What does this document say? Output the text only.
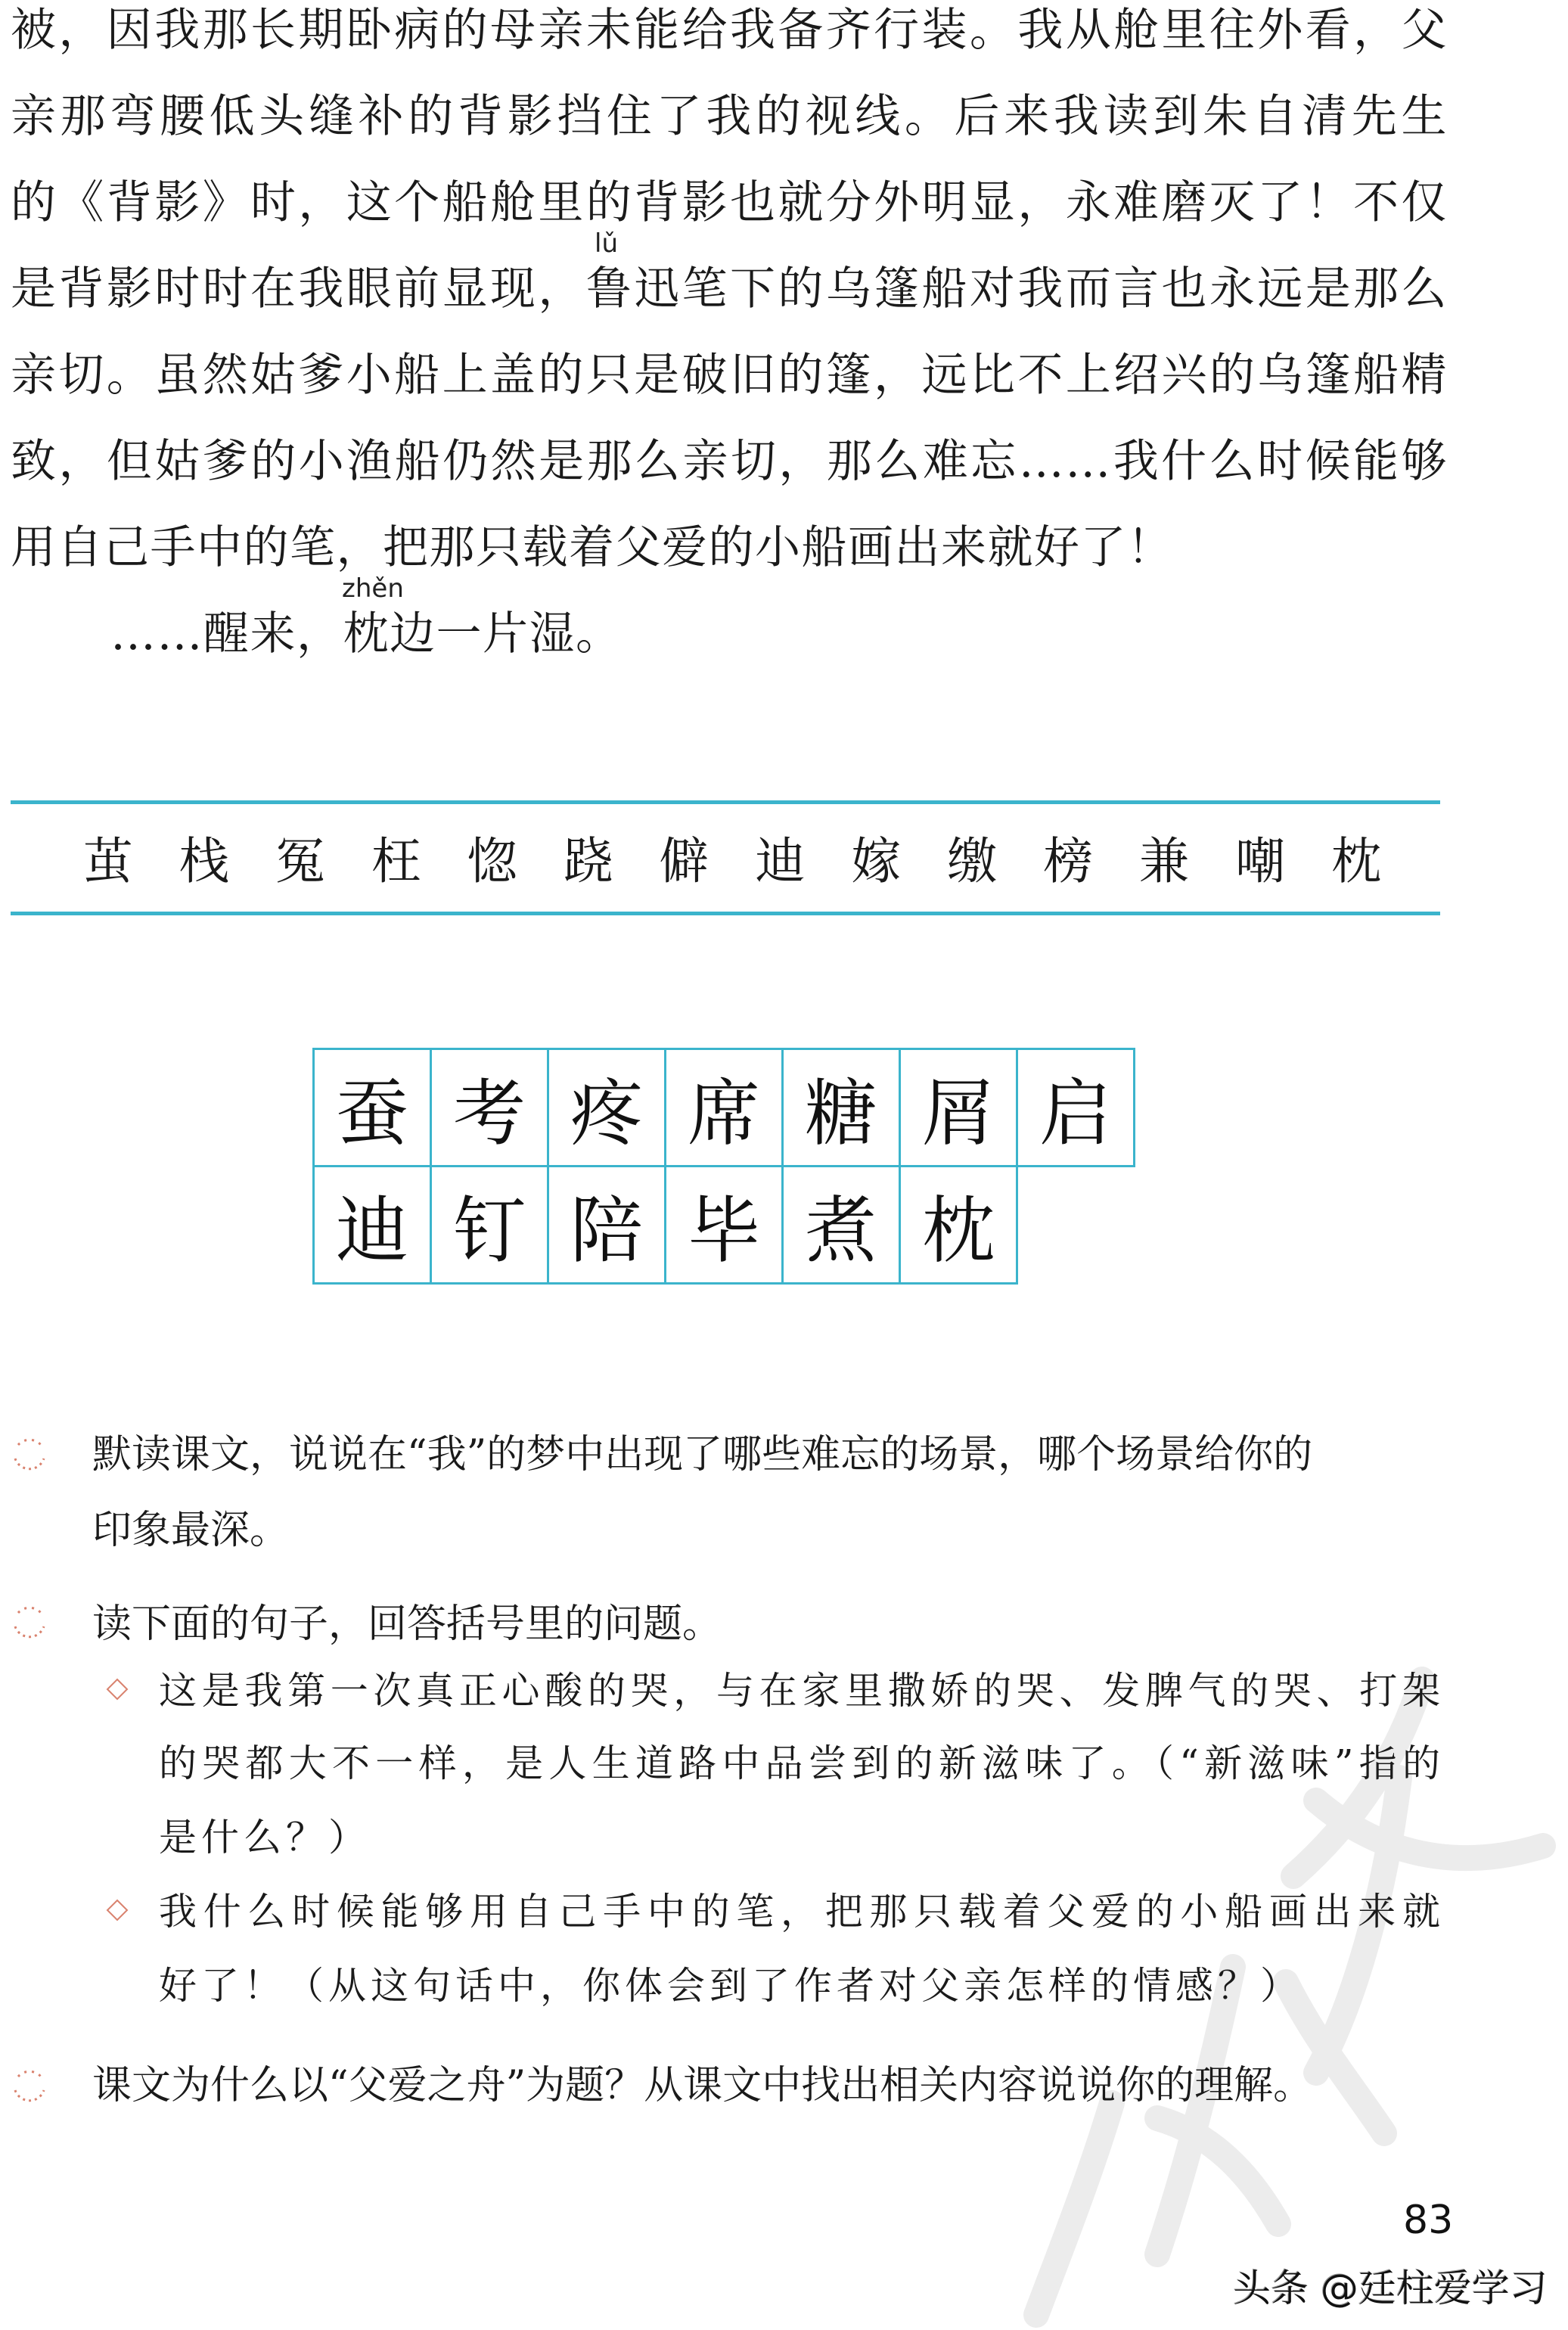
被，因我那长期卧病的母亲未能给我备齐行装。我从舱里往外看，父
亲那弯腰低头缝补的背影挡住了我的视线。后来我读到朱自清先生
的《背影》时，这个船舱里的背影也就分外明显，永难磨灭了！不仅
lǔ
是背影时时在我眼前显现，鲁迅笔下的乌篷船对我而言也永远是那么
亲切。虽然姑爹小船上盖的只是破旧的篷，远比不上绍兴的乌篷船精
致，但姑爹的小渔船仍然是那么亲切，那么难忘……我什么时候能够
用自己手中的笔，把那只载着父爱的小船画出来就好了！
zhěn
……醒来，枕边一片湿。
茧 栈 冤 枉 惚 跷 僻 迪 嫁 缴 榜 兼 嘲 枕
蚕 考 疼 席 糖 屑 启
迪 钉 陪 毕 煮 枕
默读课文，说说在“我”的梦中出现了哪些难忘的场景，哪个场景给你的
印象最深。
读下面的句子，回答括号里的问题。
这是我第一次真正心酸的哭，与在家里撒娇的哭、发脾气的哭、打架
的哭都大不一样，是人生道路中品尝到的新滋味了。（“新滋味”指的
是什么？）
我什么时候能够用自己手中的笔，把那只载着父爱的小船画出来就
好了！（从这句话中，你体会到了作者对父亲怎样的情感？）
课文为什么以“父爱之舟”为题？从课文中找出相关内容说说你的理解。
83
头条 @廷柱爱学习
